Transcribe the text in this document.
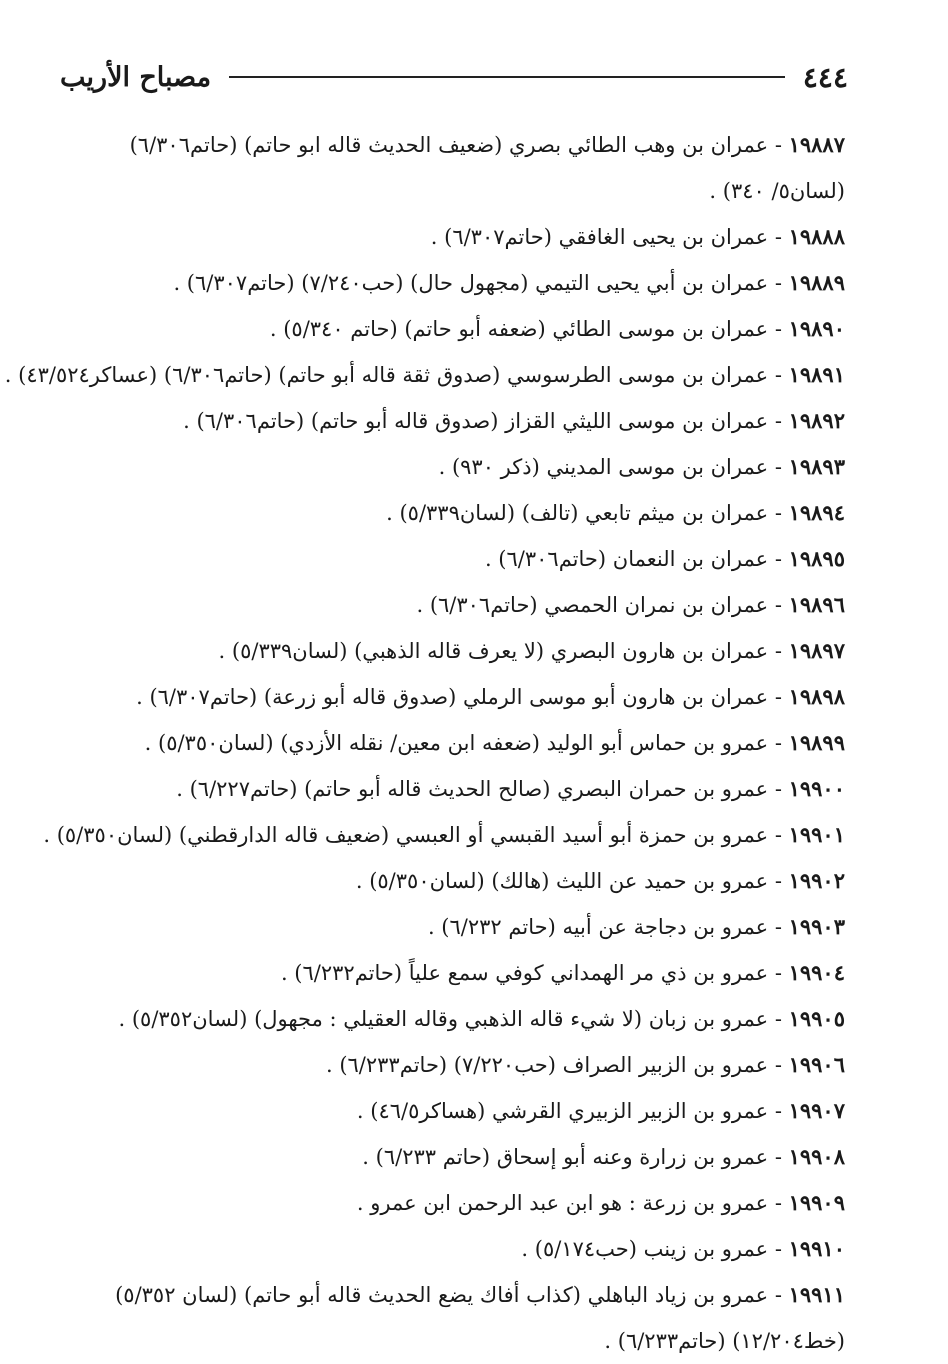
٤٤٤
مصباح الأريب
١٩٨٨٧ - عمران بن وهب الطائي بصري (ضعيف الحديث قاله ابو حاتم) (حاتم٦/٣٠٦) (لسان٥/ ٣٤٠) .
١٩٨٨٨ - عمران بن يحيى الغافقي (حاتم٦/٣٠٧) .
١٩٨٨٩ - عمران بن أبي يحيى التيمي (مجهول حال) (حب٧/٢٤٠) (حاتم٦/٣٠٧) .
١٩٨٩٠ - عمران بن موسى الطائي (ضعفه أبو حاتم) (حاتم ٥/٣٤٠) .
١٩٨٩١ - عمران بن موسى الطرسوسي (صدوق ثقة قاله أبو حاتم) (حاتم٦/٣٠٦) (عساكر٤٣/٥٢٤) .
١٩٨٩٢ - عمران بن موسى الليثي القزاز (صدوق قاله أبو حاتم) (حاتم٦/٣٠٦) .
١٩٨٩٣ - عمران بن موسى المديني (ذكر ٩٣٠) .
١٩٨٩٤ - عمران بن ميثم تابعي (تالف) (لسان٥/٣٣٩) .
١٩٨٩٥ - عمران بن النعمان (حاتم٦/٣٠٦) .
١٩٨٩٦ - عمران بن نمران الحمصي (حاتم٦/٣٠٦) .
١٩٨٩٧ - عمران بن هارون البصري (لا يعرف قاله الذهبي) (لسان٥/٣٣٩) .
١٩٨٩٨ - عمران بن هارون أبو موسى الرملي (صدوق قاله أبو زرعة) (حاتم٦/٣٠٧) .
١٩٨٩٩ - عمرو بن حماس أبو الوليد (ضعفه ابن معين/ نقله الأزدي) (لسان٥/٣٥٠) .
١٩٩٠٠ - عمرو بن حمران البصري (صالح الحديث قاله أبو حاتم) (حاتم٦/٢٢٧) .
١٩٩٠١ - عمرو بن حمزة أبو أسيد القبسي أو العبسي (ضعيف قاله الدارقطني) (لسان٥/٣٥٠) .
١٩٩٠٢ - عمرو بن حميد عن الليث (هالك) (لسان٥/٣٥٠) .
١٩٩٠٣ - عمرو بن دجاجة عن أبيه (حاتم ٦/٢٣٢) .
١٩٩٠٤ - عمرو بن ذي مر الهمداني كوفي سمع علياً (حاتم٦/٢٣٢) .
١٩٩٠٥ - عمرو بن زبان (لا شيء قاله الذهبي وقاله العقيلي : مجهول) (لسان٥/٣٥٢) .
١٩٩٠٦ - عمرو بن الزبير الصراف (حب٧/٢٢٠) (حاتم٦/٢٣٣) .
١٩٩٠٧ - عمرو بن الزبير الزبيري القرشي (هساكر٤٦/٥) .
١٩٩٠٨ - عمرو بن زرارة وعنه أبو إسحاق (حاتم ٦/٢٣٣) .
١٩٩٠٩ - عمرو بن زرعة : هو ابن عبد الرحمن ابن عمرو .
١٩٩١٠ - عمرو بن زينب (حب٥/١٧٤) .
١٩٩١١ - عمرو بن زياد الباهلي (كذاب أفاك يضع الحديث قاله أبو حاتم) (لسان ٥/٣٥٢) (خط١٢/٢٠٤) (حاتم٦/٢٣٣) .
